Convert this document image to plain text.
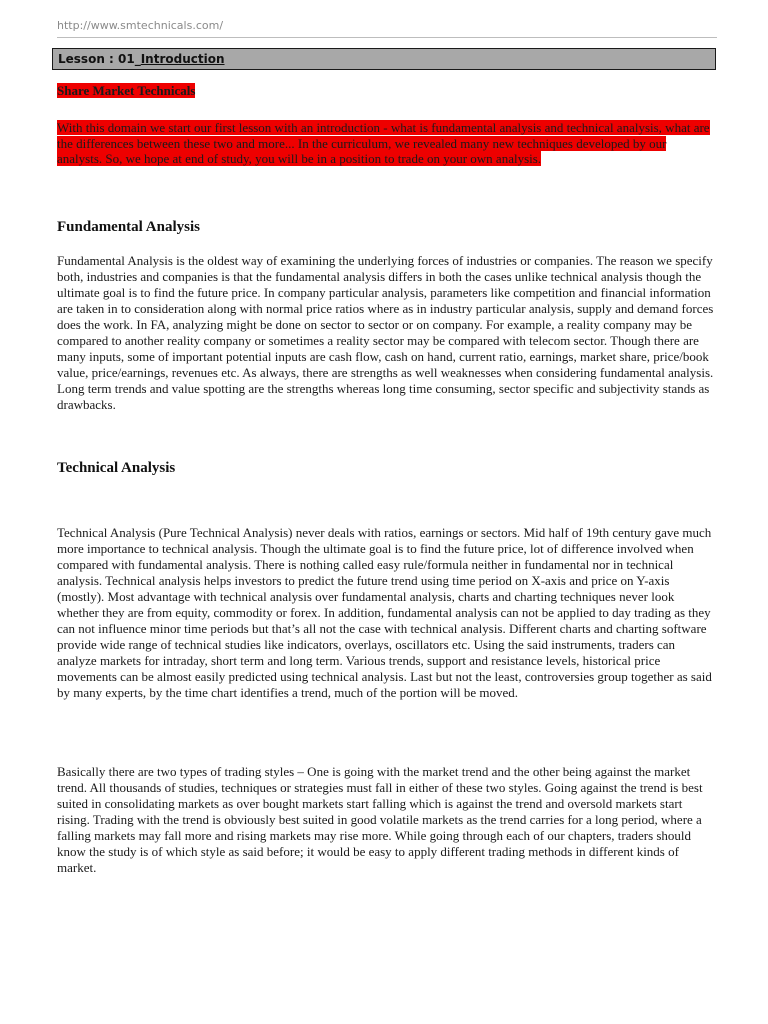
http://www.smtechnicals.com/

Lesson : 01_Introduction

Share Market Technicals

With this domain we start our first lesson with an introduction - what is fundamental analysis and technical analysis, what are the differences between these two and more... In the curriculum, we revealed many new techniques developed by our analysts. So, we hope at end of study, you will be in a position to trade on your own analysis.

Fundamental Analysis

Fundamental Analysis is the oldest way of examining the underlying forces of industries or companies. The reason we specify both, industries and companies is that the fundamental analysis differs in both the cases unlike technical analysis though the ultimate goal is to find the future price. In company particular analysis, parameters like competition and financial information are taken in to consideration along with normal price ratios where as in industry particular analysis, supply and demand forces does the work. In FA, analyzing might be done on sector to sector or on company. For example, a reality company may be compared to another reality company or sometimes a reality sector may be compared with telecom sector. Though there are many inputs, some of important potential inputs are cash flow, cash on hand, current ratio, earnings, market share, price/book value, price/earnings, revenues etc. As always, there are strengths as well weaknesses when considering fundamental analysis. Long term trends and value spotting are the strengths whereas long time consuming, sector specific and subjectivity stands as drawbacks.

Technical Analysis

Technical Analysis (Pure Technical Analysis) never deals with ratios, earnings or sectors. Mid half of 19th century gave much more importance to technical analysis. Though the ultimate goal is to find the future price, lot of difference involved when compared with fundamental analysis. There is nothing called easy rule/formula neither in fundamental nor in technical analysis. Technical analysis helps investors to predict the future trend using time period on X-axis and price on Y-axis (mostly). Most advantage with technical analysis over fundamental analysis, charts and charting techniques never look whether they are from equity, commodity or forex. In addition, fundamental analysis can not be applied to day trading as they can not influence minor time periods but that’s all not the case with technical analysis. Different charts and charting software provide wide range of technical studies like indicators, overlays, oscillators etc. Using the said instruments, traders can analyze markets for intraday, short term and long term. Various trends, support and resistance levels, historical price movements can be almost easily predicted using technical analysis. Last but not the least, controversies group together as said by many experts, by the time chart identifies a trend, much of the portion will be moved.

Basically there are two types of trading styles – One is going with the market trend and the other being against the market trend. All thousands of studies, techniques or strategies must fall in either of these two styles. Going against the trend is best suited in consolidating markets as over bought markets start falling which is against the trend and oversold markets start rising. Trading with the trend is obviously best suited in good volatile markets as the trend carries for a long period, where a falling markets may fall more and rising markets may rise more. While going through each of our chapters, traders should know the study is of which style as said before; it would be easy to apply different trading methods in different kinds of market.
